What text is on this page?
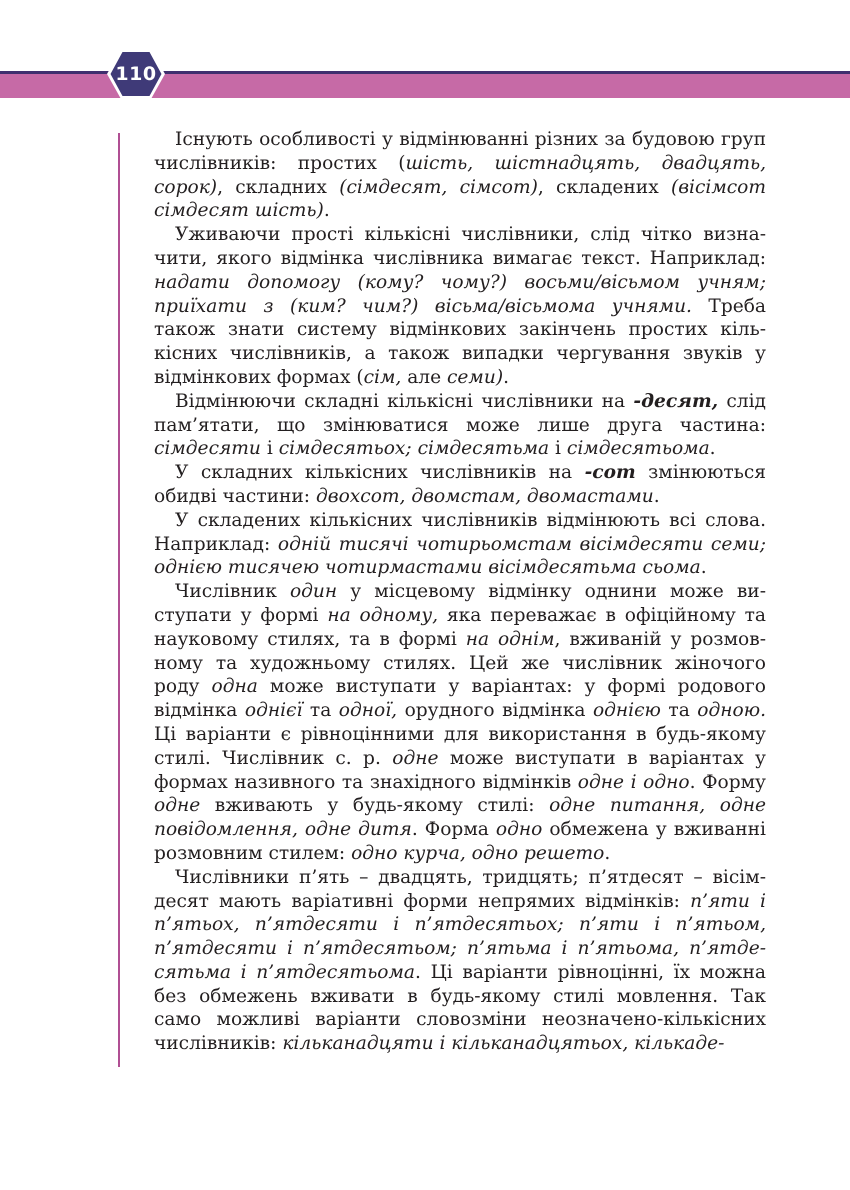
110

Існують особливості у відмінюванні різних за будовою груп числівників: простих (шість, шістнадцять, двадцять, сорок), складних (сімдесят, сімсот), складених (вісімсот сімдесят шість).

Уживаючи прості кількісні числівники, слід чітко визначити, якого відмінка числівника вимагає текст. Наприклад: надати допомогу (кому? чому?) восьми/вісьмом учням; приїхати з (ким? чим?) вісьма/вісьмома учнями. Треба також знати систему відмінкових закінчень простих кількісних числівників, а також випадки чергування звуків у відмінкових формах (сім, але семи).

Відмінюючи складні кількісні числівники на -десят, слід пам’ятати, що змінюватися може лише друга частина: сімдесяти і сімдесятьох; сімдесятьма і сімдесятьома.

У складних кількісних числівників на -сот змінюються обидві частини: двохсот, двомстам, двомастами.

У складених кількісних числівників відмінюють всі слова. Наприклад: одній тисячі чотирьомстам вісімдесяти семи; однією тисячею чотирмастами вісімдесятьма сьома.

Числівник один у місцевому відмінку однини може виступати у формі на одному, яка переважає в офіційному та науковому стилях, та в формі на однім, вживаній у розмовному та художньому стилях. Цей же числівник жіночого роду одна може виступати у варіантах: у формі родового відмінка однієї та одної, орудного відмінка однією та одною. Ці варіанти є рівноцінними для використання в будь-якому стилі. Числівник с. р. одне може виступати в варіантах у формах називного та знахідного відмінків одне і одно. Форму одне вживають у будь-якому стилі: одне питання, одне повідомлення, одне дитя. Форма одно обмежена у вживанні розмовним стилем: одно курча, одно решето.

Числівники п’ять – двадцять, тридцять; п’ятдесят – вісімдесят мають варіативні форми непрямих відмінків: п’яти і п’ятьох, п’ятдесяти і п’ятдесятьох; п’яти і п’ятьом, п’ятдесяти і п’ятдесятьом; п’ятьма і п’ятьома, п’ятдесятьма і п’ятдесятьома. Ці варіанти рівноцінні, їх можна без обмежень вживати в будь-якому стилі мовлення. Так само можливі варіанти словозміни неозначено-кількісних числівників: кільканадцяти і кільканадцятьох, кількаде-
